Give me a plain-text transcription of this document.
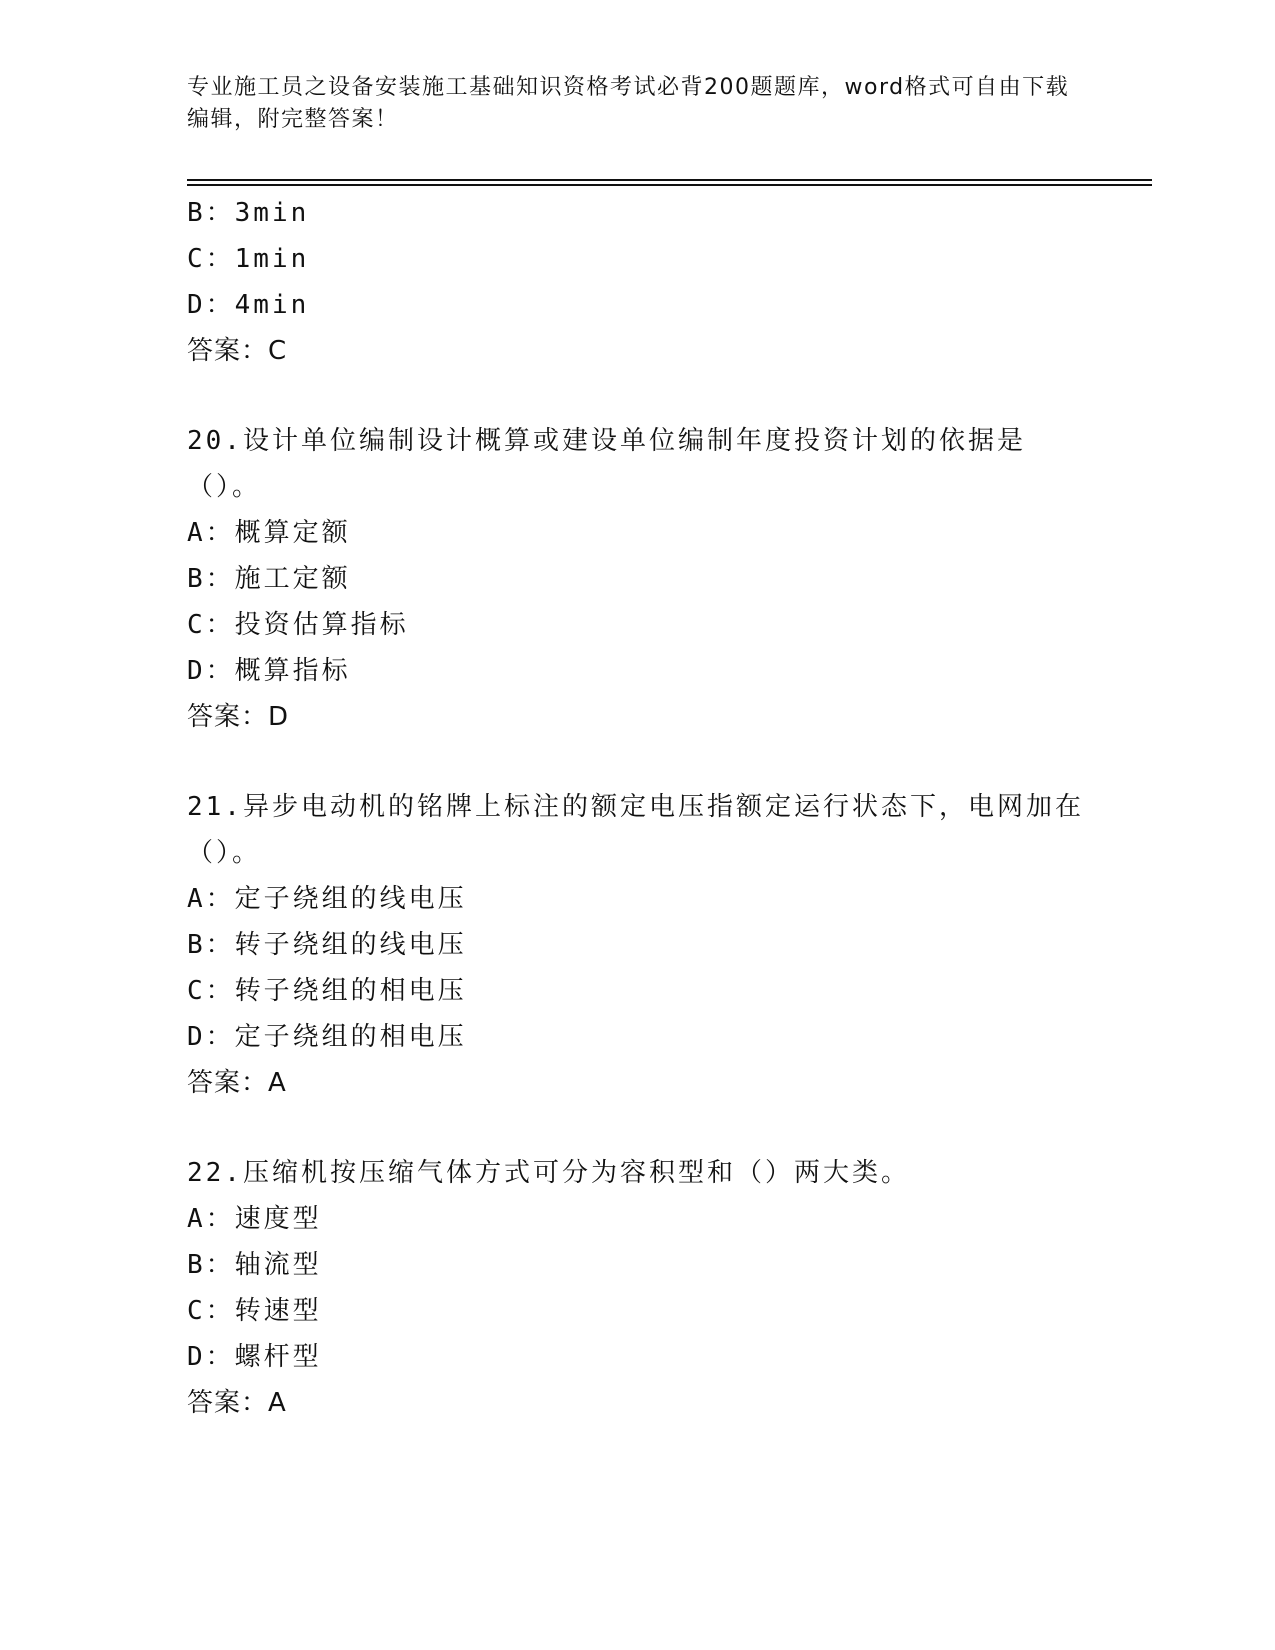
专业施工员之设备安装施工基础知识资格考试必背200题题库，word格式可自由下载编辑，附完整答案！
B：3min
C：1min
D：4min
答案：C
20.设计单位编制设计概算或建设单位编制年度投资计划的依据是（）。
A：概算定额
B：施工定额
C：投资估算指标
D：概算指标
答案：D
21.异步电动机的铭牌上标注的额定电压指额定运行状态下，电网加在（）。
A：定子绕组的线电压
B：转子绕组的线电压
C：转子绕组的相电压
D：定子绕组的相电压
答案：A
22.压缩机按压缩气体方式可分为容积型和（）两大类。
A：速度型
B：轴流型
C：转速型
D：螺杆型
答案：A
